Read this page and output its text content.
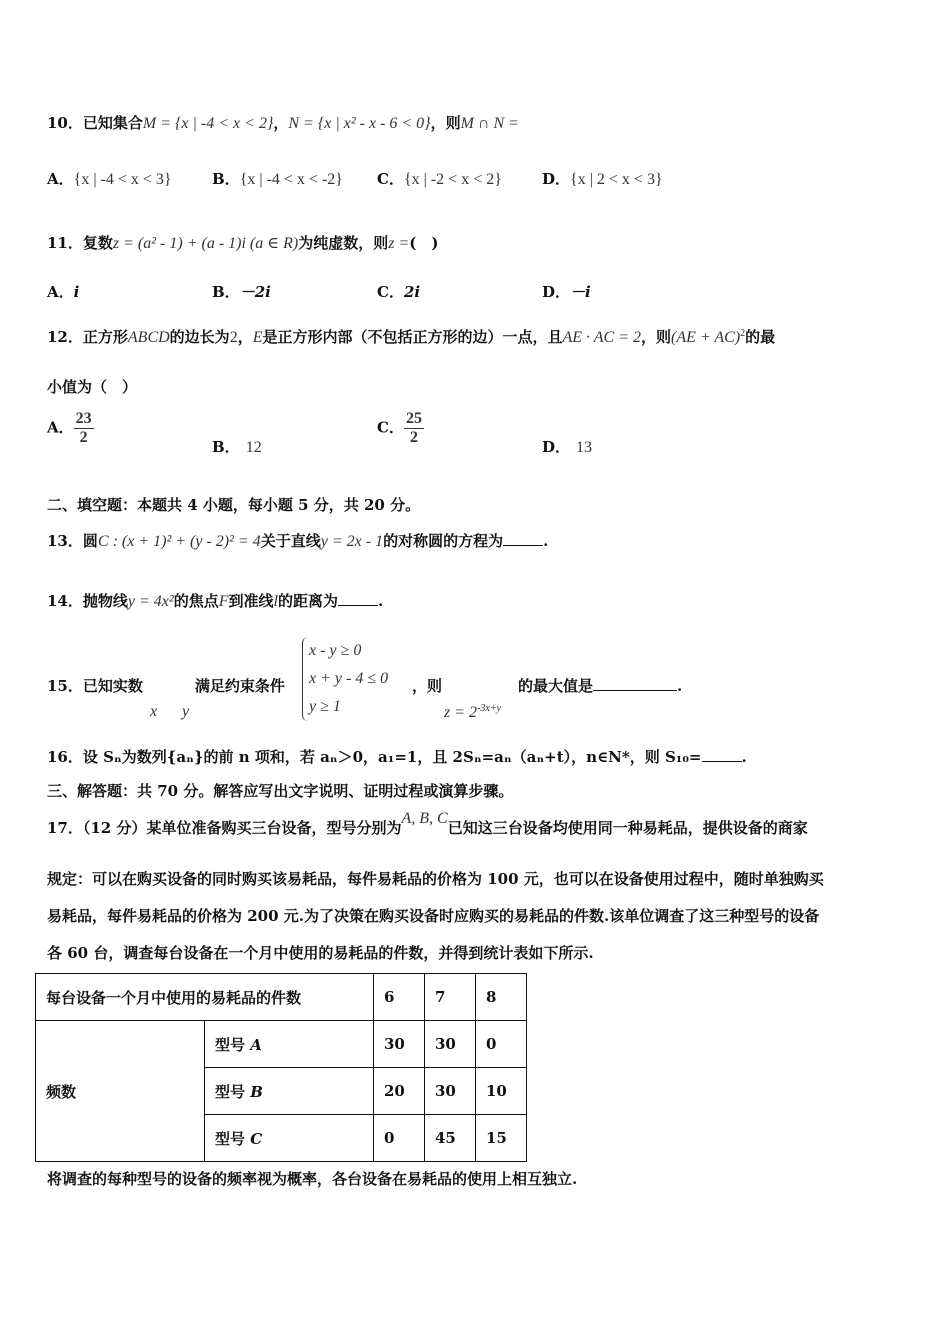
10．已知集合M = {x | -4 < x < 2}，N = {x | x² - x - 6 < 0}，则M ∩ N =
A．{x | -4 < x < 3}	B．{x | -4 < x < -2} C．{x | -2 < x < 2}	D．{x | 2 < x < 3}
11．复数z = (a² - 1) + (a - 1)i (a ∈ R)为纯虚数，则z =(　)
A．i	B．－2i	C．2i	D．－i
12．正方形ABCD的边长为2，E是正方形内部（不包括正方形的边）一点，且AE · AC = 2，则(AE + AC)$^2$的最
小值为（　）
A． $\frac{23}{2}$	B． 12
C． $\frac{25}{2}$	D． 13
二、填空题：本题共 4 小题，每小题 5 分，共 20 分。
13．圆C : (x + 1)² + (y - 2)² = 4关于直线y = 2x - 1的对称圆的方程为	.
14．抛物线y = 4x²的焦点F到准线l的距离为	.
15．已知实数	满足约束条件
x y
x - y ≥ 0
x + y - 4 ≤ 0
y ≥ 1
，则
$z = 2^{-3x+y}$
的最大值是	.
16．设 Sₙ为数列{aₙ}的前 n 项和，若 aₙ＞0，a₁=1，且 2Sₙ=aₙ（aₙ+t），n∈N*，则 S₁₀=	.
三、解答题：共 70 分。解答应写出文字说明、证明过程或演算步骤。
17．（12 分）某单位准备购买三台设备，型号分别为A, B, C已知这三台设备均使用同一种易耗品，提供设备的商家
规定：可以在购买设备的同时购买该易耗品，每件易耗品的价格为 100 元，也可以在设备使用过程中，随时单独购买
易耗品，每件易耗品的价格为 200 元.为了决策在购买设备时应购买的易耗品的件数.该单位调查了这三种型号的设备
各 60 台，调查每台设备在一个月中使用的易耗品的件数，并得到统计表如下所示.
每台设备一个月中使用的易耗品的件数		6	7	8
频数	型号 A	30	30	0
	型号 B	20	30	10
	型号 C	0	45	15
将调查的每种型号的设备的频率视为概率，各台设备在易耗品的使用上相互独立.
